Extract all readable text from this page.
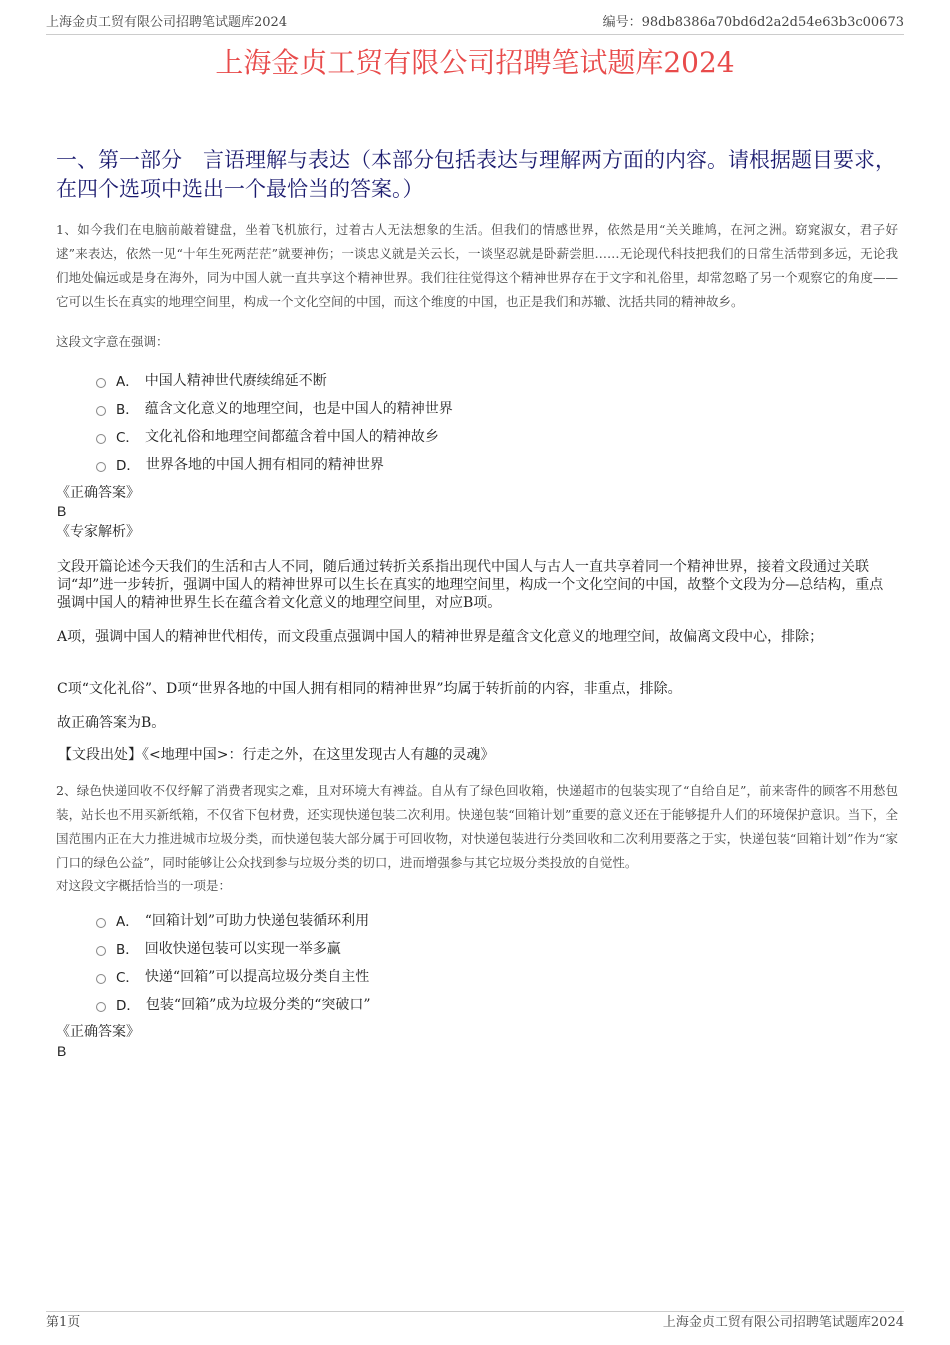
上海金贞工贸有限公司招聘笔试题库2024	编号：98db8386a70bd6d2a2d54e63b3c00673
上海金贞工贸有限公司招聘笔试题库2024
一、第一部分　言语理解与表达（本部分包括表达与理解两方面的内容。请根据题目要求，在四个选项中选出一个最恰当的答案。）
1、如今我们在电脑前敲着键盘，坐着飞机旅行，过着古人无法想象的生活。但我们的情感世界，依然是用“关关雎鸠，在河之洲。窈窕淑女，君子好逑”来表达，依然一见“十年生死两茫茫”就要神伤；一谈忠义就是关云长，一谈坚忍就是卧薪尝胆……无论现代科技把我们的日常生活带到多远，无论我们地处偏远或是身在海外，同为中国人就一直共享这个精神世界。我们往往觉得这个精神世界存在于文字和礼俗里，却常忽略了另一个观察它的角度——它可以生长在真实的地理空间里，构成一个文化空间的中国，而这个维度的中国，也正是我们和苏辙、沈括共同的精神故乡。
这段文字意在强调：
A． 中国人精神世代赓续绵延不断
B． 蕴含文化意义的地理空间，也是中国人的精神世界
C． 文化礼俗和地理空间都蕴含着中国人的精神故乡
D． 世界各地的中国人拥有相同的精神世界
《正确答案》
B
《专家解析》
文段开篇论述今天我们的生活和古人不同，随后通过转折关系指出现代中国人与古人一直共享着同一个精神世界，接着文段通过关联词“却”进一步转折，强调中国人的精神世界可以生长在真实的地理空间里，构成一个文化空间的中国，故整个文段为分—总结构，重点强调中国人的精神世界生长在蕴含着文化意义的地理空间里，对应B项。
A项，强调中国人的精神世代相传，而文段重点强调中国人的精神世界是蕴含文化意义的地理空间，故偏离文段中心，排除；
C项“文化礼俗”、D项“世界各地的中国人拥有相同的精神世界”均属于转折前的内容，非重点，排除。
故正确答案为B。
【文段出处】《<地理中国>：行走之外，在这里发现古人有趣的灵魂》
2、绿色快递回收不仅纾解了消费者现实之难，且对环境大有裨益。自从有了绿色回收箱，快递超市的包装实现了“自给自足”，前来寄件的顾客不用愁包装，站长也不用买新纸箱，不仅省下包材费，还实现快递包装二次利用。快递包装“回箱计划”重要的意义还在于能够提升人们的环境保护意识。当下，全国范围内正在大力推进城市垃圾分类，而快递包装大部分属于可回收物，对快递包装进行分类回收和二次利用要落之于实，快递包装“回箱计划”作为“家门口的绿色公益”，同时能够让公众找到参与垃圾分类的切口，进而增强参与其它垃圾分类投放的自觉性。
对这段文字概括恰当的一项是：
A． “回箱计划”可助力快递包装循环利用
B． 回收快递包装可以实现一举多赢
C． 快递“回箱”可以提高垃圾分类自主性
D． 包装“回箱”成为垃圾分类的“突破口”
《正确答案》
B
第1页	上海金贞工贸有限公司招聘笔试题库2024
